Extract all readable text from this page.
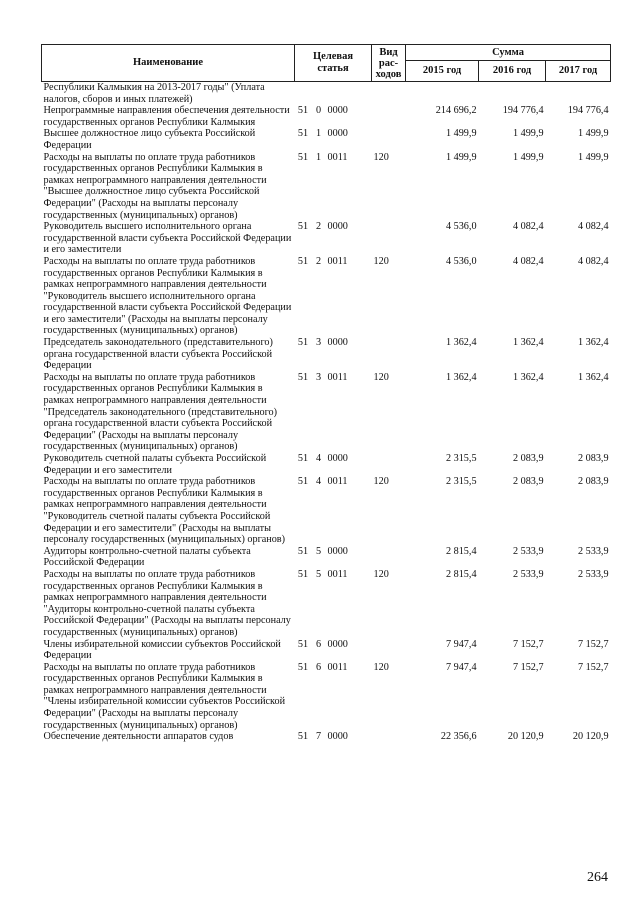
Наименование	Целевая статья			Вид рас- ходов	Сумма		
					2015 год	2016 год	2017 год
Республики Калмыкия на 2013-2017 годы" (Уплата налогов, сборов и иных платежей)							
Непрограммные направления обеспечения деятельности государственных органов Республики Калмыкия	51	0	0000		214 696,2	194 776,4	194 776,4
Высшее должностное лицо субъекта Российской Федерации	51	1	0000		1 499,9	1 499,9	1 499,9
Расходы на выплаты по оплате труда работников государственных органов Республики Калмыкия в рамках непрограммного направления деятельности "Высшее должностное лицо субъекта Российской Федерации" (Расходы на выплаты персоналу государственных (муниципальных) органов)	51	1	0011	120	1 499,9	1 499,9	1 499,9
Руководитель высшего исполнительного органа государственной власти субъекта Российской Федерации и его заместители	51	2	0000		4 536,0	4 082,4	4 082,4
Расходы на выплаты по оплате труда работников государственных органов Республики Калмыкия в рамках непрограммного направления деятельности "Руководитель высшего исполнительного органа государственной власти субъекта Российской Федерации и его заместители" (Расходы на выплаты персоналу государственных (муниципальных) органов)	51	2	0011	120	4 536,0	4 082,4	4 082,4
Председатель законодательного (представительного) органа государственной власти субъекта Российской Федерации	51	3	0000		1 362,4	1 362,4	1 362,4
Расходы на выплаты по оплате труда работников государственных органов Республики Калмыкия в рамках непрограммного направления деятельности "Председатель законодательного (представительного) органа государственной власти субъекта Российской Федерации" (Расходы на выплаты персоналу государственных (муниципальных) органов)	51	3	0011	120	1 362,4	1 362,4	1 362,4
Руководитель счетной палаты субъекта Российской Федерации и его заместители	51	4	0000		2 315,5	2 083,9	2 083,9
Расходы на выплаты по оплате труда работников государственных органов Республики Калмыкия в рамках непрограммного направления деятельности "Руководитель счетной палаты субъекта Российской Федерации и его заместители" (Расходы на выплаты персоналу государственных (муниципальных) органов)	51	4	0011	120	2 315,5	2 083,9	2 083,9
Аудиторы контрольно-счетной палаты субъекта Российской Федерации	51	5	0000		2 815,4	2 533,9	2 533,9
Расходы на выплаты по оплате труда работников государственных органов Республики Калмыкия в рамках непрограммного направления деятельности "Аудиторы контрольно-счетной палаты субъекта Российской Федерации" (Расходы на выплаты персоналу государственных (муниципальных) органов)	51	5	0011	120	2 815,4	2 533,9	2 533,9
Члены избирательной комиссии субъектов Российской Федерации	51	6	0000		7 947,4	7 152,7	7 152,7
Расходы на выплаты по оплате труда работников государственных органов Республики Калмыкия в рамках непрограммного направления деятельности "Члены избирательной комиссии субъектов Российской Федерации" (Расходы на выплаты персоналу государственных (муниципальных) органов)	51	6	0011	120	7 947,4	7 152,7	7 152,7
Обеспечение деятельности аппаратов судов	51	7	0000		22 356,6	20 120,9	20 120,9
264
